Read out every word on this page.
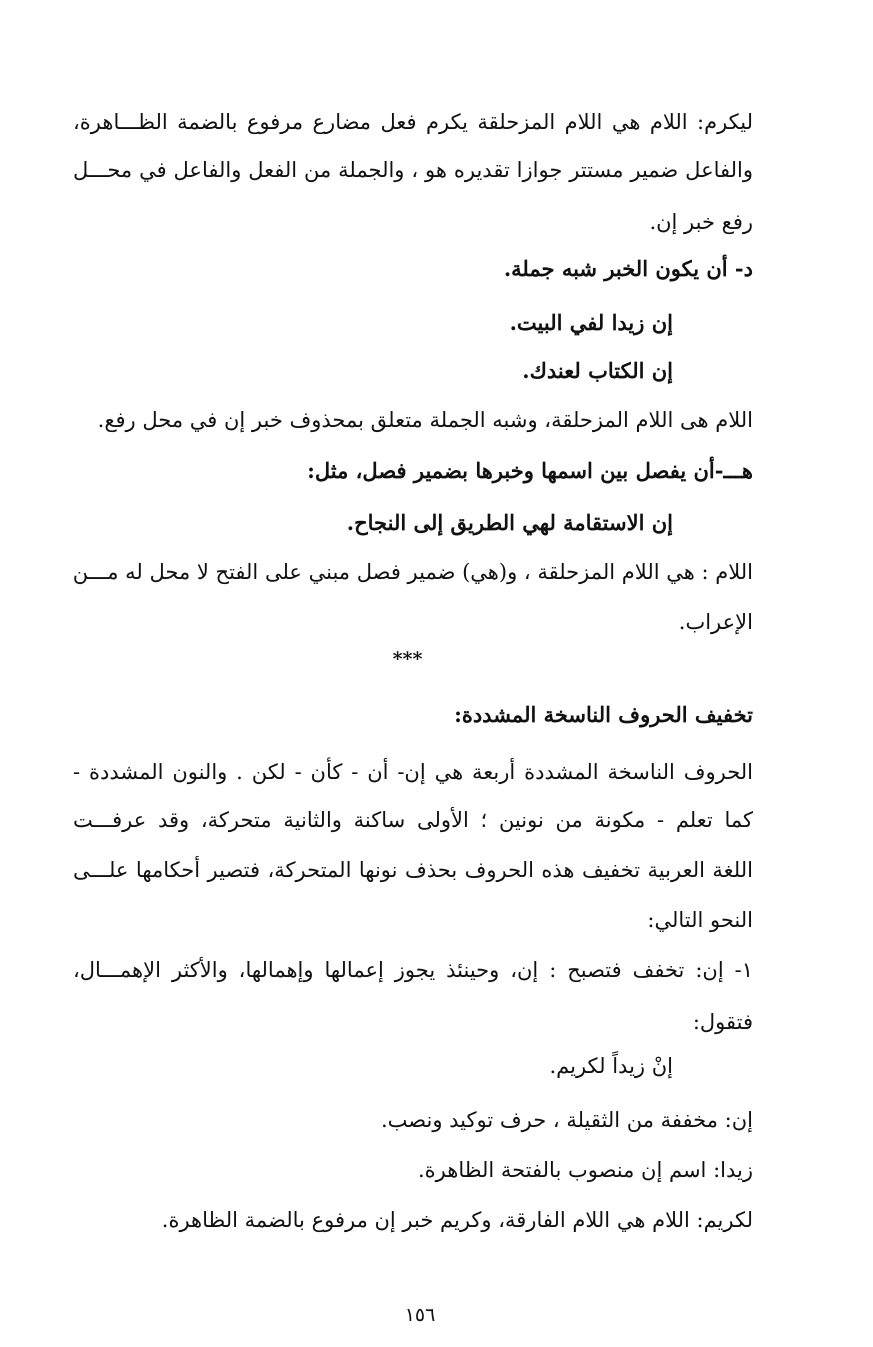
ليكرم: اللام هي اللام المزحلقة يكرم فعل مضارع مرفوع بالضمة الظـــاهرة،

والفاعل ضمير مستتر جوازا تقديره هو ، والجملة من الفعل والفاعل في محـــل

رفع خبر إن.

د- أن يكون الخبر شبه جملة.

إن زيدا لفي البيت.

إن الكتاب لعندك.

اللام هى اللام المزحلقة، وشبه الجملة متعلق بمحذوف خبر إن في محل رفع.

هـــ-أن يفصل بين اسمها وخبرها بضمير فصل، مثل:

إن الاستقامة لهي الطريق إلى النجاح.

اللام : هي اللام المزحلقة ، و(هي) ضمير فصل مبني على الفتح لا محل له مـــن

الإعراب.

***

تخفيف الحروف الناسخة المشددة:

الحروف الناسخة المشددة أربعة هي إن- أن - كأن - لكن . والنون المشددة -

كما تعلم - مكونة من نونين ؛ الأولى ساكنة والثانية متحركة، وقد عرفـــت

اللغة العربية تخفيف هذه الحروف بحذف نونها المتحركة، فتصير أحكامها علـــى

النحو التالي:

١- إن: تخفف فتصبح : إن، وحينئذ يجوز إعمالها وإهمالها، والأكثر الإهمـــال،

فتقول:

إنْ زيداً لكريم.

إن: مخففة من الثقيلة ، حرف توكيد ونصب.

زيدا: اسم إن منصوب بالفتحة الظاهرة.

لكريم: اللام هي اللام الفارقة، وكريم خبر إن مرفوع بالضمة الظاهرة.

١٥٦
